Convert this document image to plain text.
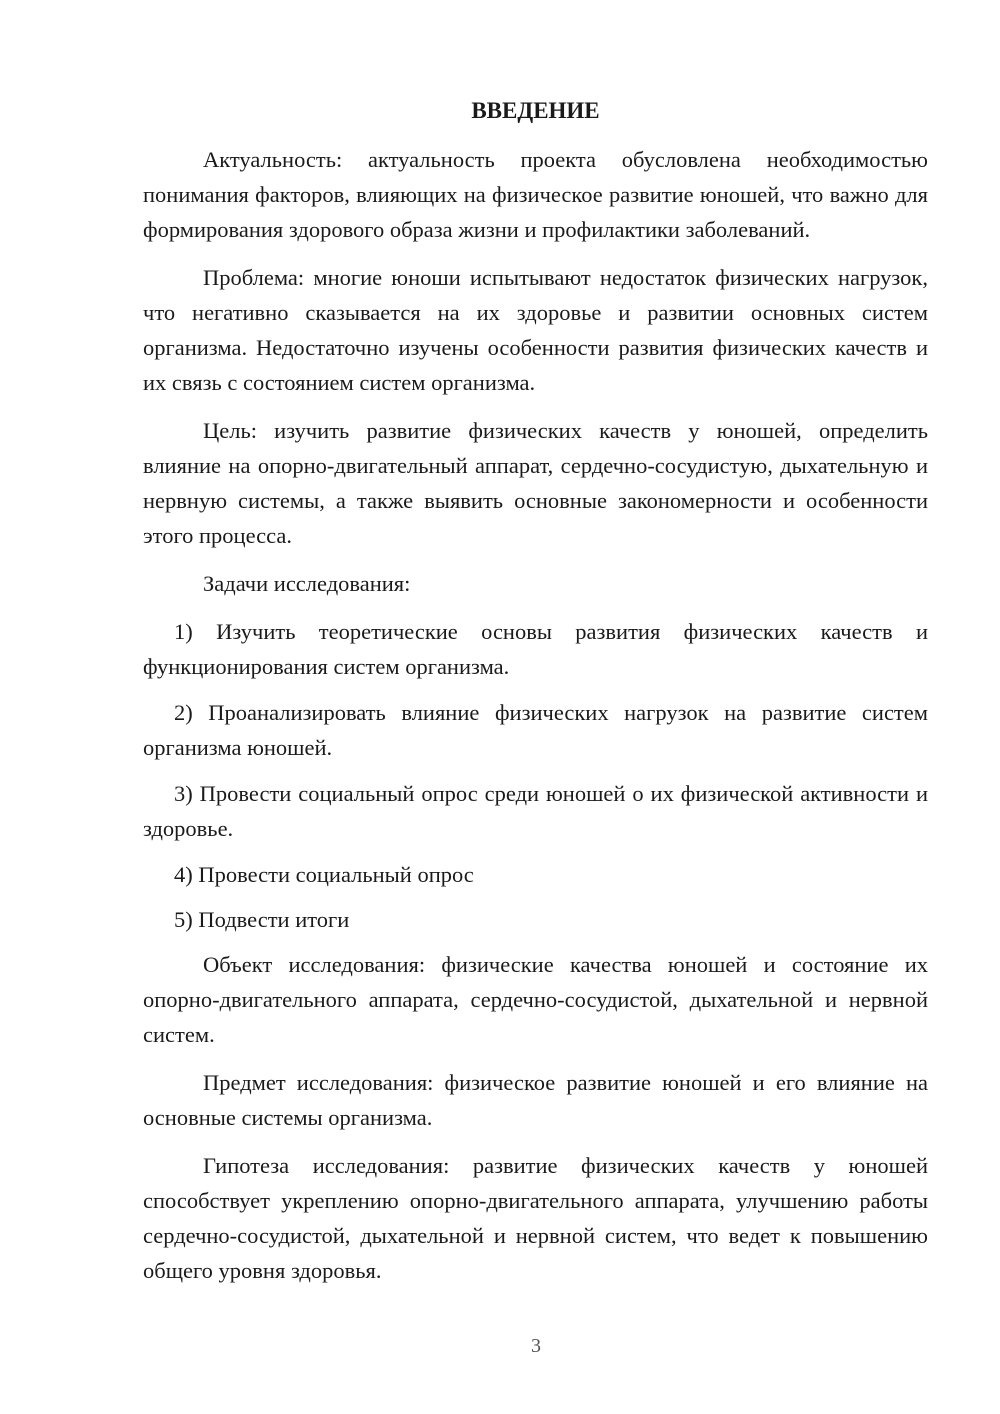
ВВЕДЕНИЕ

Актуальность: актуальность проекта обусловлена необходимостью понимания факторов, влияющих на физическое развитие юношей, что важно для формирования здорового образа жизни и профилактики заболеваний.

Проблема: многие юноши испытывают недостаток физических нагрузок, что негативно сказывается на их здоровье и развитии основных систем организма. Недостаточно изучены особенности развития физических качеств и их связь с состоянием систем организма.

Цель: изучить развитие физических качеств у юношей, определить влияние на опорно-двигательный аппарат, сердечно-сосудистую, дыхательную и нервную системы, а также выявить основные закономерности и особенности этого процесса.

Задачи исследования:

1) Изучить теоретические основы развития физических качеств и функционирования систем организма.

2) Проанализировать влияние физических нагрузок на развитие систем организма юношей.

3) Провести социальный опрос среди юношей о их физической активности и здоровье.

4) Провести социальный опрос

5) Подвести итоги

Объект исследования: физические качества юношей и состояние их опорно-двигательного аппарата, сердечно-сосудистой, дыхательной и нервной систем.

Предмет исследования: физическое развитие юношей и его влияние на основные системы организма.

Гипотеза исследования: развитие физических качеств у юношей способствует укреплению опорно-двигательного аппарата, улучшению работы сердечно-сосудистой, дыхательной и нервной систем, что ведет к повышению общего уровня здоровья.

3
